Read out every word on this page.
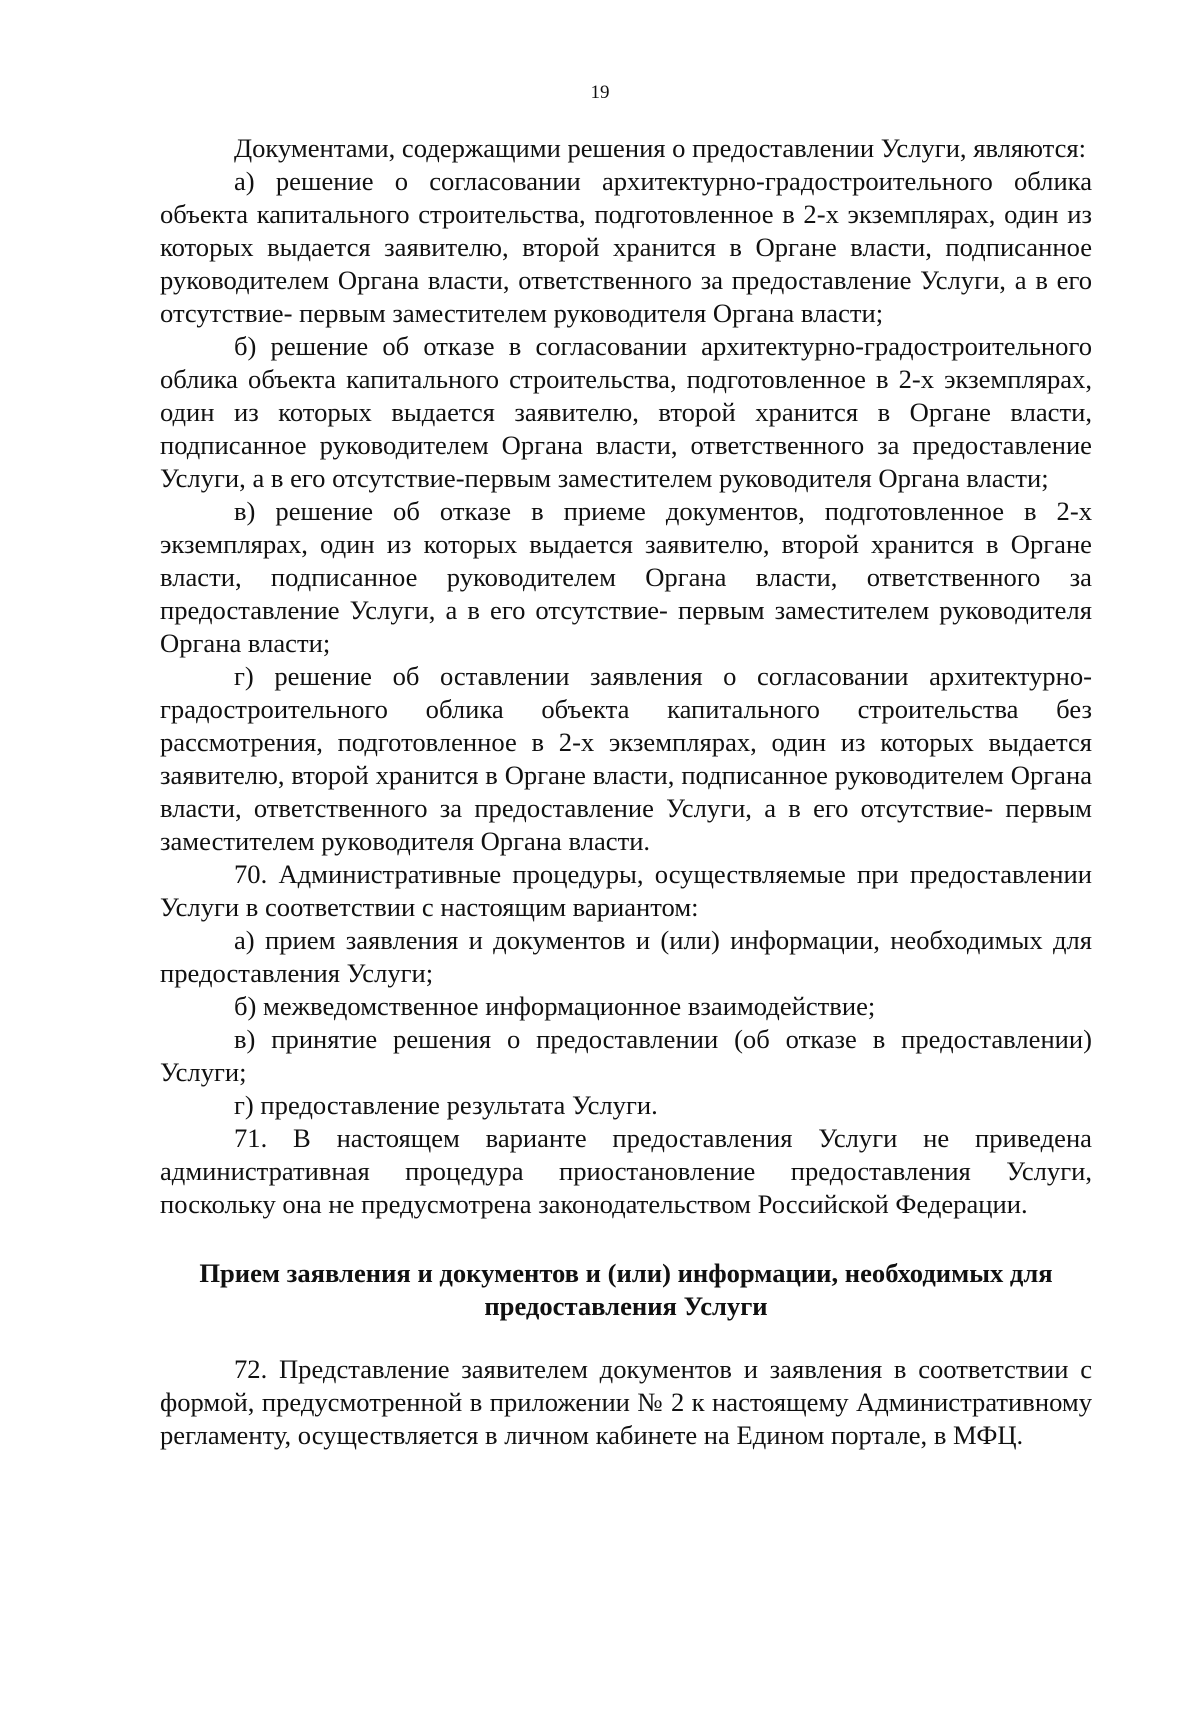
19

Документами, содержащими решения о предоставлении Услуги, являются:

а) решение о согласовании архитектурно-градостроительного облика объекта капитального строительства, подготовленное в 2-х экземплярах, один из которых выдается заявителю, второй хранится в Органе власти, подписанное руководителем Органа власти, ответственного за предоставление Услуги, а в его отсутствие- первым заместителем руководителя Органа власти;

б) решение об отказе в согласовании архитектурно-градостроительного облика объекта капитального строительства, подготовленное в 2-х экземплярах, один из которых выдается заявителю, второй хранится в Органе власти, подписанное руководителем Органа власти, ответственного за предоставление Услуги, а в его отсутствие-первым заместителем руководителя Органа власти;

в) решение об отказе в приеме документов, подготовленное в 2-х экземплярах, один из которых выдается заявителю, второй хранится в Органе власти, подписанное руководителем Органа власти, ответственного за предоставление Услуги, а в его отсутствие- первым заместителем руководителя Органа власти;

г) решение об оставлении заявления о согласовании архитектурно-градостроительного облика объекта капитального строительства без рассмотрения, подготовленное в 2-х экземплярах, один из которых выдается заявителю, второй хранится в Органе власти, подписанное руководителем Органа власти, ответственного за предоставление Услуги, а в его отсутствие- первым заместителем руководителя Органа власти.

70. Административные процедуры, осуществляемые при предоставлении Услуги в соответствии с настоящим вариантом:

а) прием заявления и документов и (или) информации, необходимых для предоставления Услуги;

б) межведомственное информационное взаимодействие;

в) принятие решения о предоставлении (об отказе в предоставлении) Услуги;

г) предоставление результата Услуги.

71. В настоящем варианте предоставления Услуги не приведена административная процедура приостановление предоставления Услуги, поскольку она не предусмотрена законодательством Российской Федерации.

Прием заявления и документов и (или) информации, необходимых для предоставления Услуги

72. Представление заявителем документов и заявления в соответствии с формой, предусмотренной в приложении № 2 к настоящему Административному регламенту, осуществляется в личном кабинете на Едином портале, в МФЦ.
